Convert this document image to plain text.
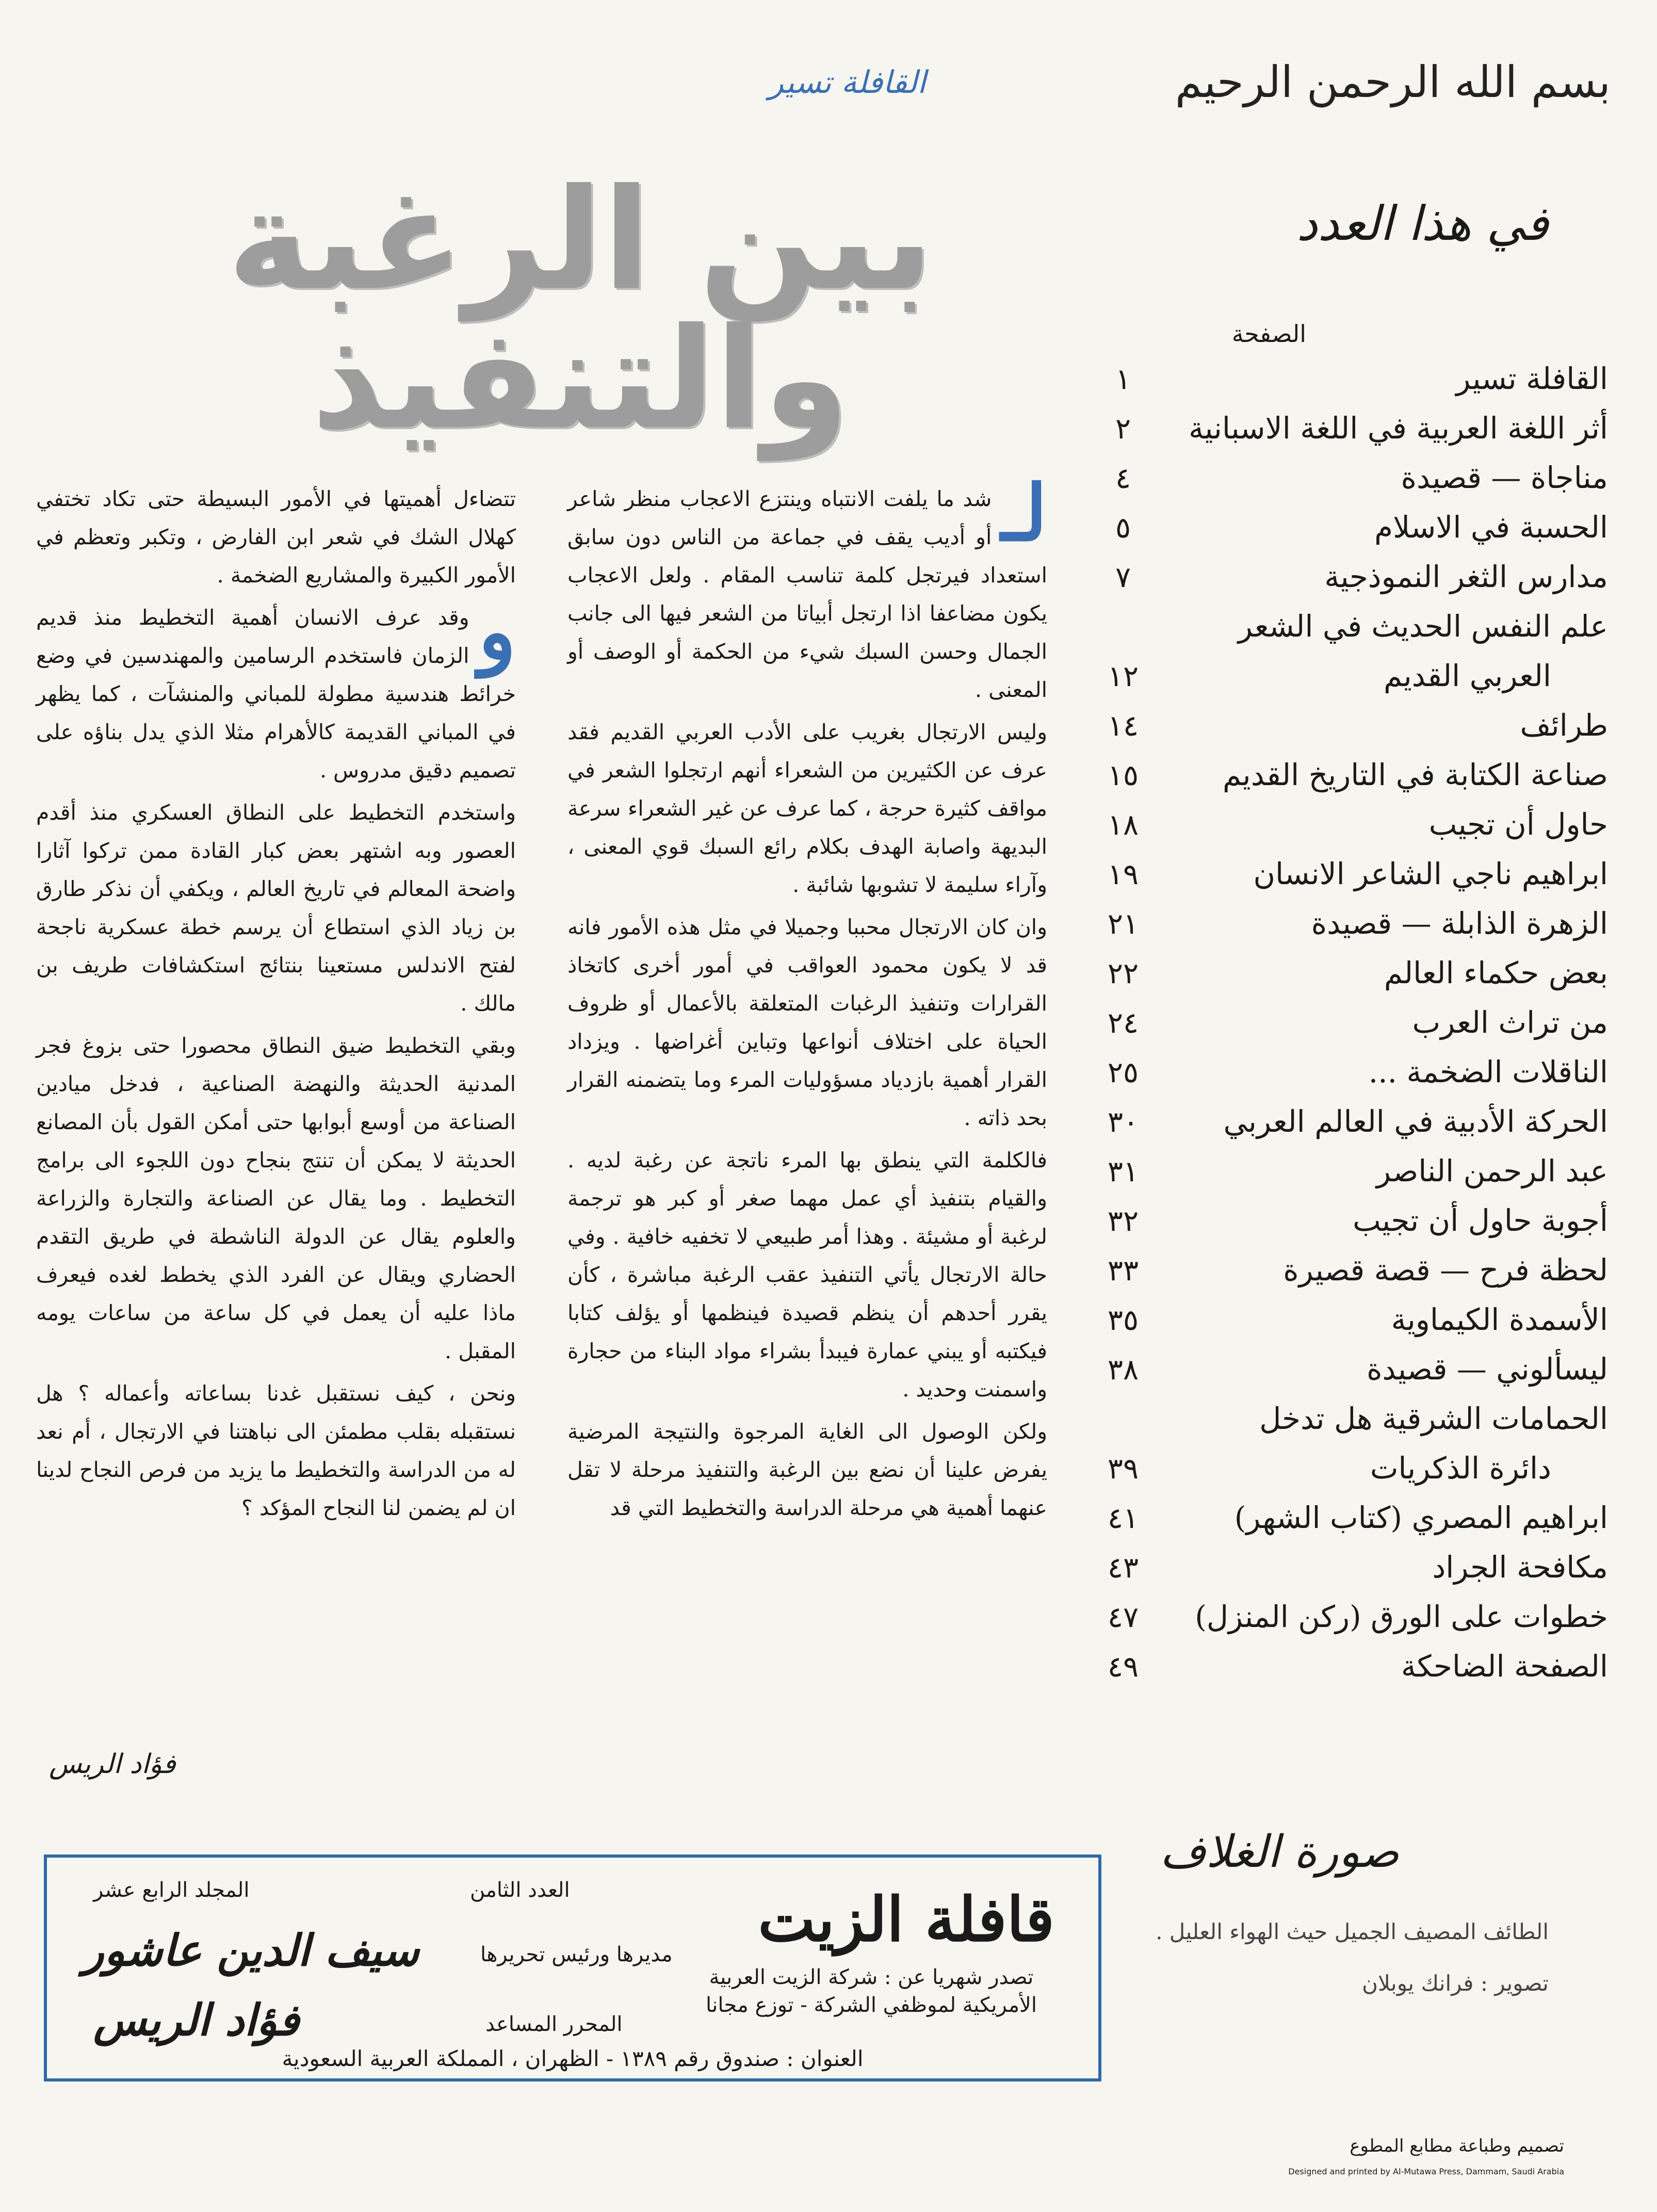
بسم الله الرحمن الرحيم
القافلة تسير
بين الرغبة والتنفيذ
في هذا العدد
الصفحة
القافلة تسير
١
أثر اللغة العربية في اللغة الاسبانية
٢
مناجاة — قصيدة
٤
الحسبة في الاسلام
٥
مدارس الثغر النموذجية
٧
علم النفس الحديث في الشعر
العربي القديم
١٢
طرائف
١٤
صناعة الكتابة في التاريخ القديم
١٥
حاول أن تجيب
١٨
ابراهيم ناجي الشاعر الانسان
١٩
الزهرة الذابلة — قصيدة
٢١
بعض حكماء العالم
٢٢
من تراث العرب
٢٤
الناقلات الضخمة ...
٢٥
الحركة الأدبية في العالم العربي
٣٠
عبد الرحمن الناصر
٣١
أجوبة حاول أن تجيب
٣٢
لحظة فرح — قصة قصيرة
٣٣
الأسمدة الكيماوية
٣٥
ليسألوني — قصيدة
٣٨
الحمامات الشرقية هل تدخل
دائرة الذكريات
٣٩
ابراهيم المصري (كتاب الشهر)
٤١
مكافحة الجراد
٤٣
خطوات على الورق (ركن المنزل)
٤٧
الصفحة الضاحكة
٤٩
لـ

شد ما يلفت الانتباه وينتزع الاعجاب منظر شاعر أو أديب يقف في جماعة من الناس دون سابق استعداد فيرتجل كلمة تناسب المقام . ولعل الاعجاب يكون مضاعفا اذا ارتجل أبياتا من الشعر فيها الى جانب الجمال وحسن السبك شيء من الحكمة أو الوصف أو المعنى .

وليس الارتجال بغريب على الأدب العربي القديم فقد عرف عن الكثيرين من الشعراء أنهم ارتجلوا الشعر في مواقف كثيرة حرجة ، كما عرف عن غير الشعراء سرعة البديهة واصابة الهدف بكلام رائع السبك قوي المعنى ، وآراء سليمة لا تشوبها شائبة .

وان كان الارتجال محببا وجميلا في مثل هذه الأمور فانه قد لا يكون محمود العواقب في أمور أخرى كاتخاذ القرارات وتنفيذ الرغبات المتعلقة بالأعمال أو ظروف الحياة على اختلاف أنواعها وتباين أغراضها . ويزداد القرار أهمية بازدياد مسؤوليات المرء وما يتضمنه القرار بحد ذاته .

فالكلمة التي ينطق بها المرء ناتجة عن رغبة لديه . والقيام بتنفيذ أي عمل مهما صغر أو كبر هو ترجمة لرغبة أو مشيئة . وهذا أمر طبيعي لا تخفيه خافية . وفي حالة الارتجال يأتي التنفيذ عقب الرغبة مباشرة ، كأن يقرر أحدهم أن ينظم قصيدة فينظمها أو يؤلف كتابا فيكتبه أو يبني عمارة فيبدأ بشراء مواد البناء من حجارة واسمنت وحديد .

ولكن الوصول الى الغاية المرجوة والنتيجة المرضية يفرض علينا أن نضع بين الرغبة والتنفيذ مرحلة لا تقل عنهما أهمية هي مرحلة الدراسة والتخطيط التي قد

تتضاءل أهميتها في الأمور البسيطة حتى تكاد تختفي كهلال الشك في شعر ابن الفارض ، وتكبر وتعظم في الأمور الكبيرة والمشاريع الضخمة .

و
وقد عرف الانسان أهمية التخطيط منذ قديم الزمان فاستخدم الرسامين والمهندسين في وضع خرائط هندسية مطولة للمباني والمنشآت ، كما يظهر في المباني القديمة كالأهرام مثلا الذي يدل بناؤه على تصميم دقيق مدروس .

واستخدم التخطيط على النطاق العسكري منذ أقدم العصور وبه اشتهر بعض كبار القادة ممن تركوا آثارا واضحة المعالم في تاريخ العالم ، ويكفي أن نذكر طارق بن زياد الذي استطاع أن يرسم خطة عسكرية ناجحة لفتح الاندلس مستعينا بنتائج استكشافات طريف بن مالك .

وبقي التخطيط ضيق النطاق محصورا حتى بزوغ فجر المدنية الحديثة والنهضة الصناعية ، فدخل ميادين الصناعة من أوسع أبوابها حتى أمكن القول بأن المصانع الحديثة لا يمكن أن تنتج بنجاح دون اللجوء الى برامج التخطيط . وما يقال عن الصناعة والتجارة والزراعة والعلوم يقال عن الدولة الناشطة في طريق التقدم الحضاري ويقال عن الفرد الذي يخطط لغده فيعرف ماذا عليه أن يعمل في كل ساعة من ساعات يومه المقبل .

ونحن ، كيف نستقبل غدنا بساعاته وأعماله ؟ هل نستقبله بقلب مطمئن الى نباهتنا في الارتجال ، أم نعد له من الدراسة والتخطيط ما يزيد من فرص النجاح لدينا ان لم يضمن لنا النجاح المؤكد ؟

فؤاد الريس
قافلة الزيت
تصدر شهريا عن : شركة الزيت العربية الأمريكية لموظفي الشركة - توزع مجانا
المجلد الرابع عشر	العدد الثامن
مديرها ورئيس تحريرها
سيف الدين عاشور
المحرر المساعد
فؤاد الريس
العنوان : صندوق رقم ١٣٨٩ - الظهران ، المملكة العربية السعودية
صورة الغلاف
الطائف المصيف الجميل حيث الهواء العليل .
تصوير : فرانك يوبلان
تصميم وطباعة مطابع المطوع
Designed and printed by Al-Mutawa Press, Dammam, Saudi Arabia
